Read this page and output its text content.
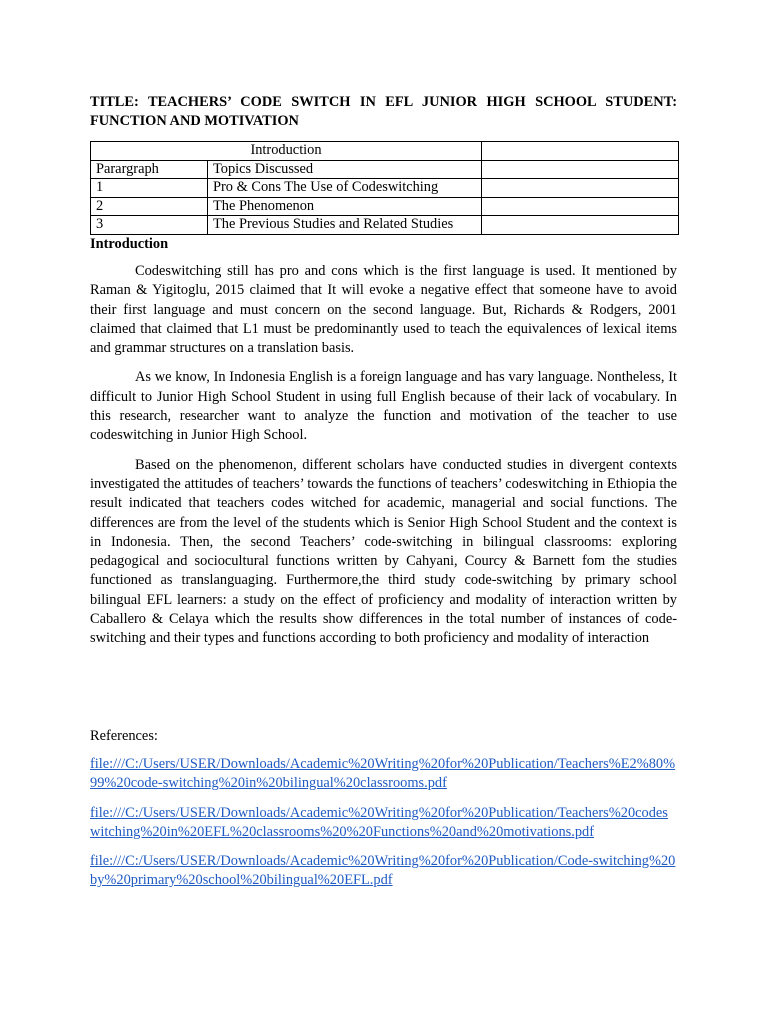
TITLE: TEACHERS’ CODE SWITCH IN EFL JUNIOR HIGH SCHOOL STUDENT: FUNCTION AND MOTIVATION
Introduction		
Parargraph	Topics Discussed	
1	Pro & Cons The Use of Codeswitching	
2	The Phenomenon	
3	The Previous Studies and Related Studies	
Introduction

Codeswitching still has pro and cons which is the first language is used. It mentioned by Raman & Yigitoglu, 2015 claimed that It will evoke a negative effect that someone have to avoid their first language and must concern on the second language. But, Richards & Rodgers, 2001 claimed that claimed that L1 must be predominantly used to teach the equivalences of lexical items and grammar structures on a translation basis.

As we know, In Indonesia English is a foreign language and has vary language. Nontheless, It difficult to Junior High School Student in using full English because of their lack of vocabulary. In this research, researcher want to analyze the function and motivation of the teacher to use codeswitching in Junior High School.

Based on the phenomenon, different scholars have conducted studies in divergent contexts investigated the attitudes of teachers’ towards the functions of teachers’ codeswitching in Ethiopia the result indicated that teachers codes witched for academic, managerial and social functions. The differences are from the level of the students which is Senior High School Student and the context is in Indonesia. Then, the second Teachers’ code-switching in bilingual classrooms: exploring pedagogical and sociocultural functions written by Cahyani, Courcy & Barnett fom the studies functioned as translanguaging. Furthermore,the third study code-switching by primary school bilingual EFL learners: a study on the effect of proficiency and modality of interaction written by Caballero & Celaya which the results show differences in the total number of instances of code-switching and their types and functions according to both proficiency and modality of interaction

References:
file:///C:/Users/USER/Downloads/Academic%20Writing%20for%20Publication/Teachers%E2%80%99%20code-switching%20in%20bilingual%20classrooms.pdf
file:///C:/Users/USER/Downloads/Academic%20Writing%20for%20Publication/Teachers%20codeswitching%20in%20EFL%20classrooms%20%20Functions%20and%20motivations.pdf
file:///C:/Users/USER/Downloads/Academic%20Writing%20for%20Publication/Code-switching%20by%20primary%20school%20bilingual%20EFL.pdf
